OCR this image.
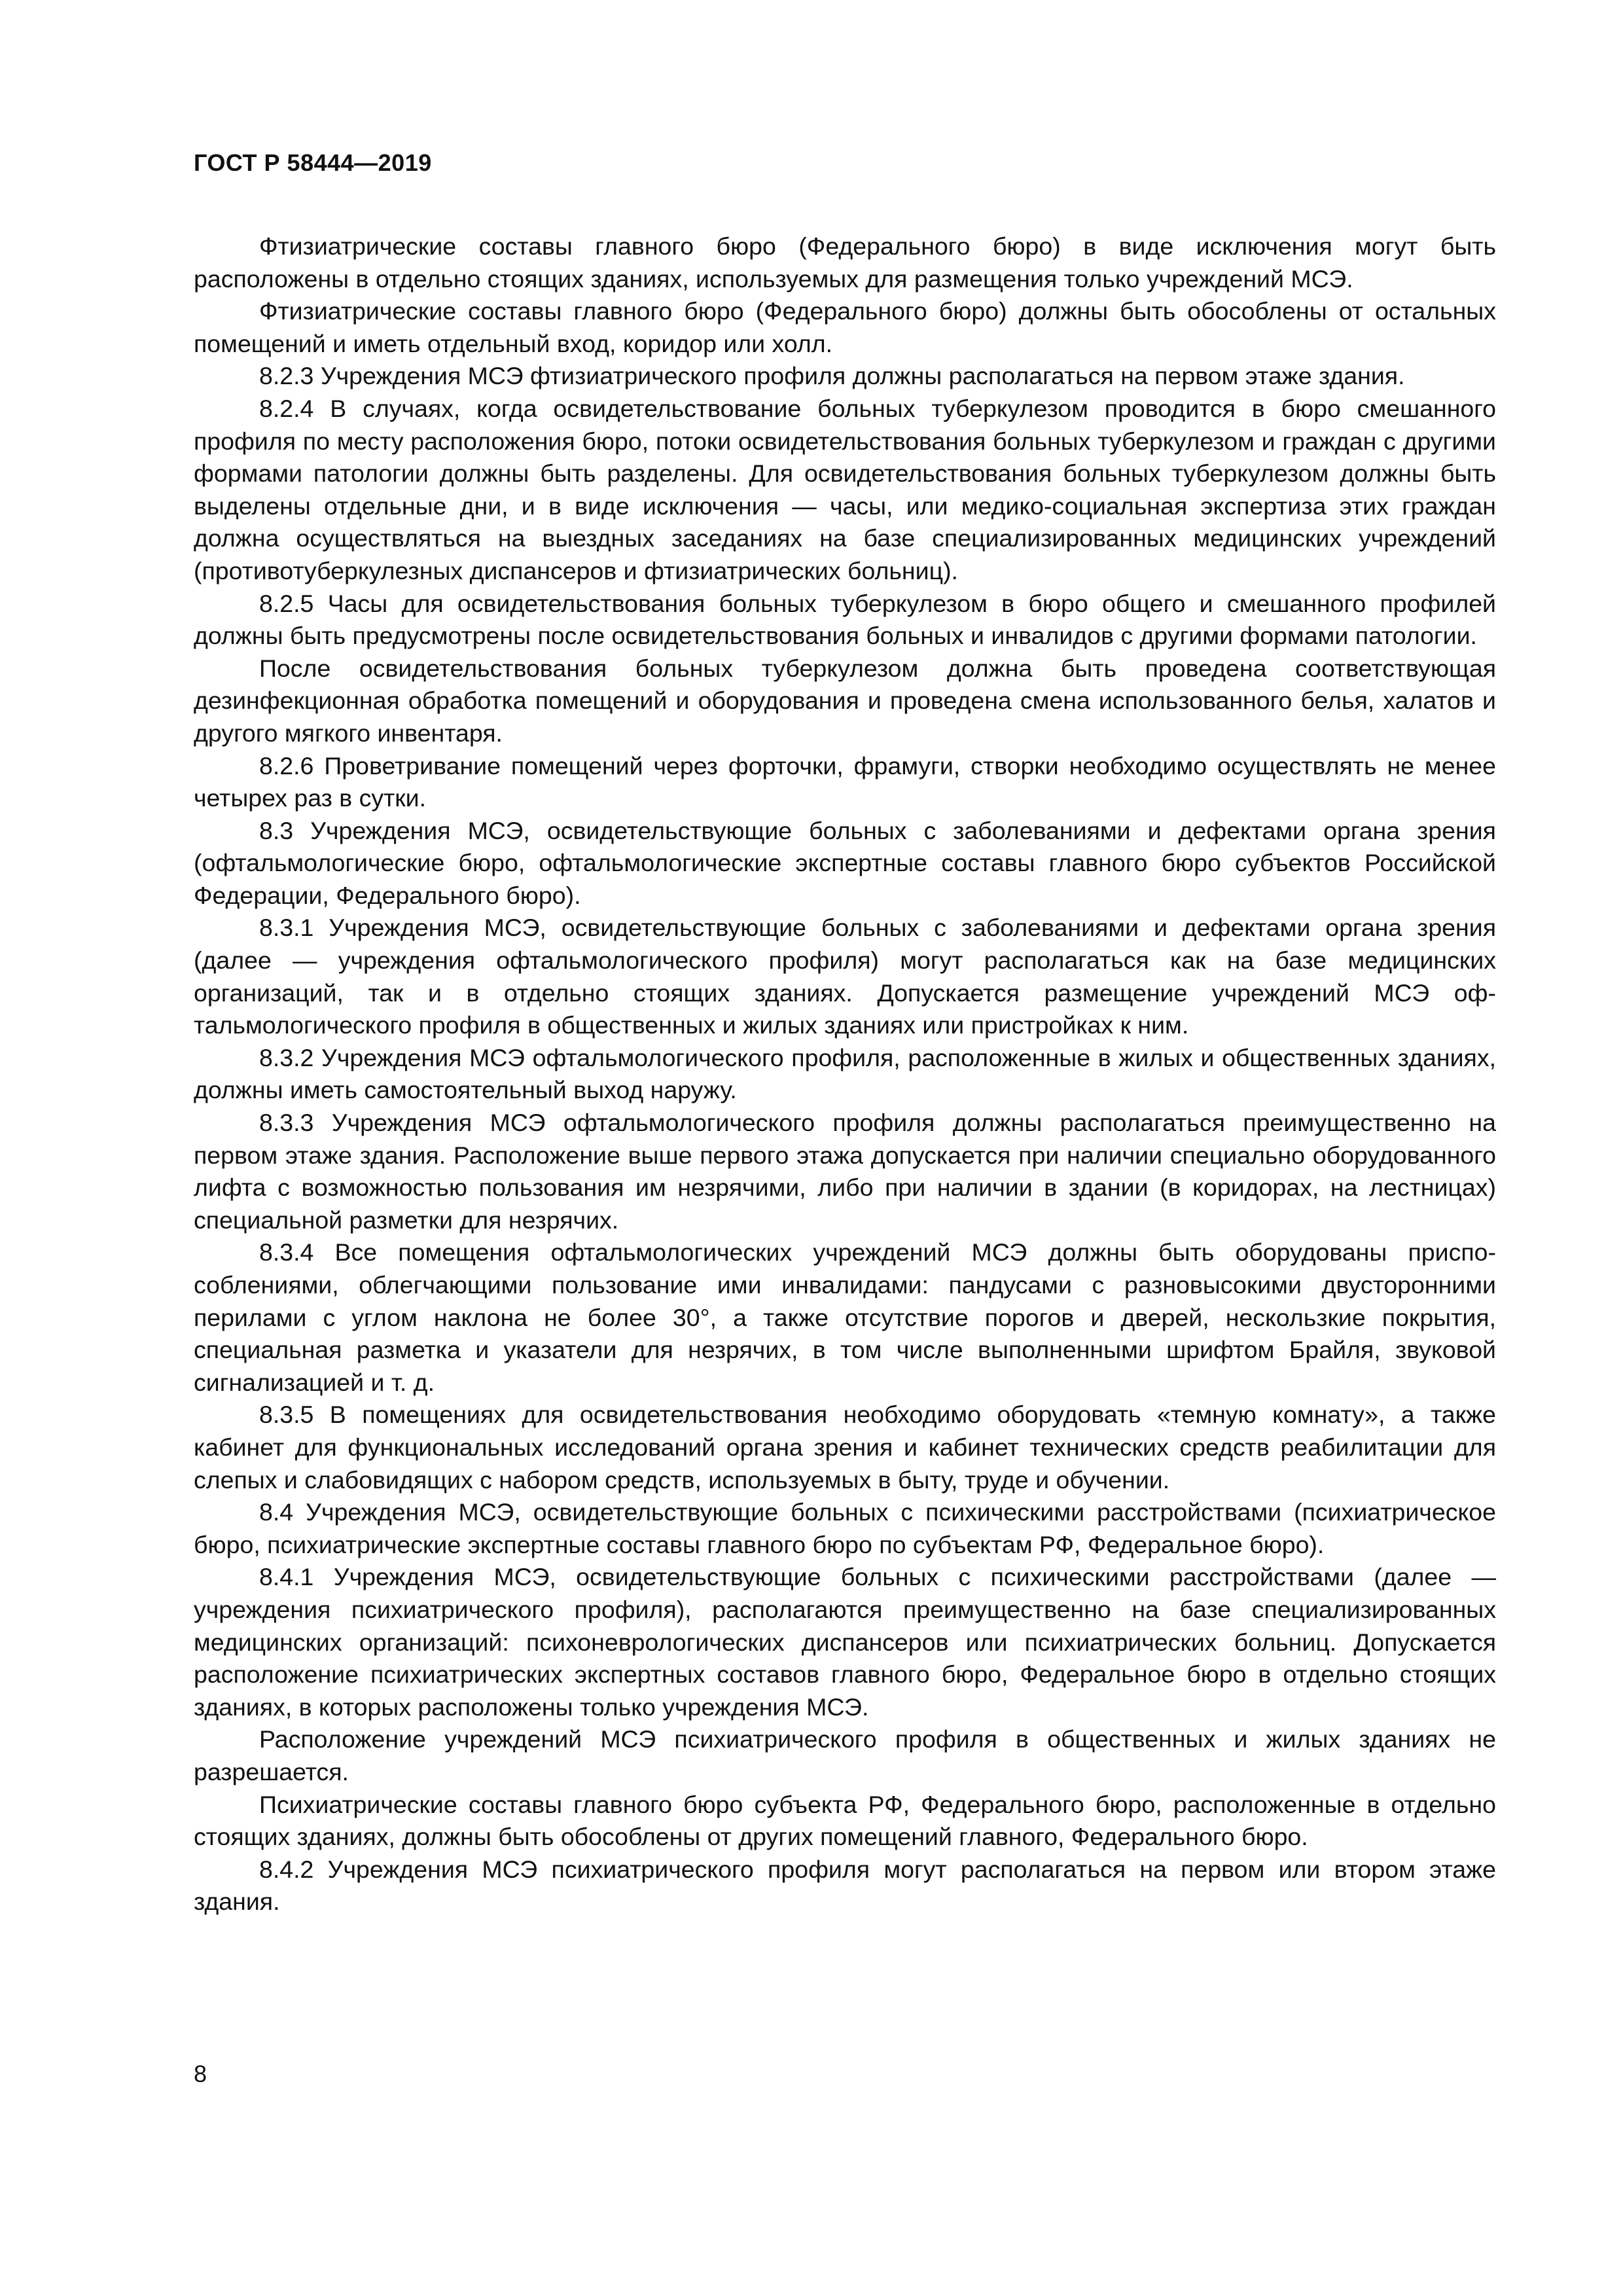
ГОСТ Р 58444—2019

Фтизиатрические составы главного бюро (Федерального бюро) в виде исключения могут быть расположены в отдельно стоящих зданиях, используемых для размещения только учреждений МСЭ.

Фтизиатрические составы главного бюро (Федерального бюро) должны быть обособлены от остальных помещений и иметь отдельный вход, коридор или холл.

8.2.3 Учреждения МСЭ фтизиатрического профиля должны располагаться на первом этаже здания.

8.2.4 В случаях, когда освидетельствование больных туберкулезом проводится в бюро смешанного профиля по месту расположения бюро, потоки освидетельствования больных туберкулезом и граждан с другими формами патологии должны быть разделены. Для освидетельствования больных туберкулезом должны быть выделены отдельные дни, и в виде исключения — часы, или медико-социальная экспертиза этих граждан должна осуществляться на выездных заседаниях на базе специализированных медицинских учреждений (противотуберкулезных диспансеров и фтизиатрических больниц).

8.2.5 Часы для освидетельствования больных туберкулезом в бюро общего и смешанного профилей должны быть предусмотрены после освидетельствования больных и инвалидов с другими формами патологии.

После освидетельствования больных туберкулезом должна быть проведена соответствующая дезинфекционная обработка помещений и оборудования и проведена смена использованного белья, халатов и другого мягкого инвентаря.

8.2.6 Проветривание помещений через форточки, фрамуги, створки необходимо осуществлять не менее четырех раз в сутки.

8.3 Учреждения МСЭ, освидетельствующие больных с заболеваниями и дефектами органа зрения (офтальмологические бюро, офтальмологические экспертные составы главного бюро субъектов Российской Федерации, Федерального бюро).

8.3.1 Учреждения МСЭ, освидетельствующие больных с заболеваниями и дефектами органа зрения (далее — учреждения офтальмологического профиля) могут располагаться как на базе медицинских организаций, так и в отдельно стоящих зданиях. Допускается размещение учреждений МСЭ офтальмологического профиля в общественных и жилых зданиях или пристройках к ним.

8.3.2 Учреждения МСЭ офтальмологического профиля, расположенные в жилых и общественных зданиях, должны иметь самостоятельный выход наружу.

8.3.3 Учреждения МСЭ офтальмологического профиля должны располагаться преимущественно на первом этаже здания. Расположение выше первого этажа допускается при наличии специально оборудованного лифта с возможностью пользования им незрячими, либо при наличии в здании (в коридорах, на лестницах) специальной разметки для незрячих.

8.3.4 Все помещения офтальмологических учреждений МСЭ должны быть оборудованы приспособлениями, облегчающими пользование ими инвалидами: пандусами с разновысокими двусторонними перилами с углом наклона не более 30°, а также отсутствие порогов и дверей, нескользкие покрытия, специальная разметка и указатели для незрячих, в том числе выполненными шрифтом Брайля, звуковой сигнализацией и т. д.

8.3.5 В помещениях для освидетельствования необходимо оборудовать «темную комнату», а также кабинет для функциональных исследований органа зрения и кабинет технических средств реабилитации для слепых и слабовидящих с набором средств, используемых в быту, труде и обучении.

8.4 Учреждения МСЭ, освидетельствующие больных с психическими расстройствами (психиатрическое бюро, психиатрические экспертные составы главного бюро по субъектам РФ, Федеральное бюро).

8.4.1 Учреждения МСЭ, освидетельствующие больных с психическими расстройствами (далее — учреждения психиатрического профиля), располагаются преимущественно на базе специализированных медицинских организаций: психоневрологических диспансеров или психиатрических больниц. Допускается расположение психиатрических экспертных составов главного бюро, Федеральное бюро в отдельно стоящих зданиях, в которых расположены только учреждения МСЭ.

Расположение учреждений МСЭ психиатрического профиля в общественных и жилых зданиях не разрешается.

Психиатрические составы главного бюро субъекта РФ, Федерального бюро, расположенные в отдельно стоящих зданиях, должны быть обособлены от других помещений главного, Федерального бюро.

8.4.2 Учреждения МСЭ психиатрического профиля могут располагаться на первом или втором этаже здания.

8
